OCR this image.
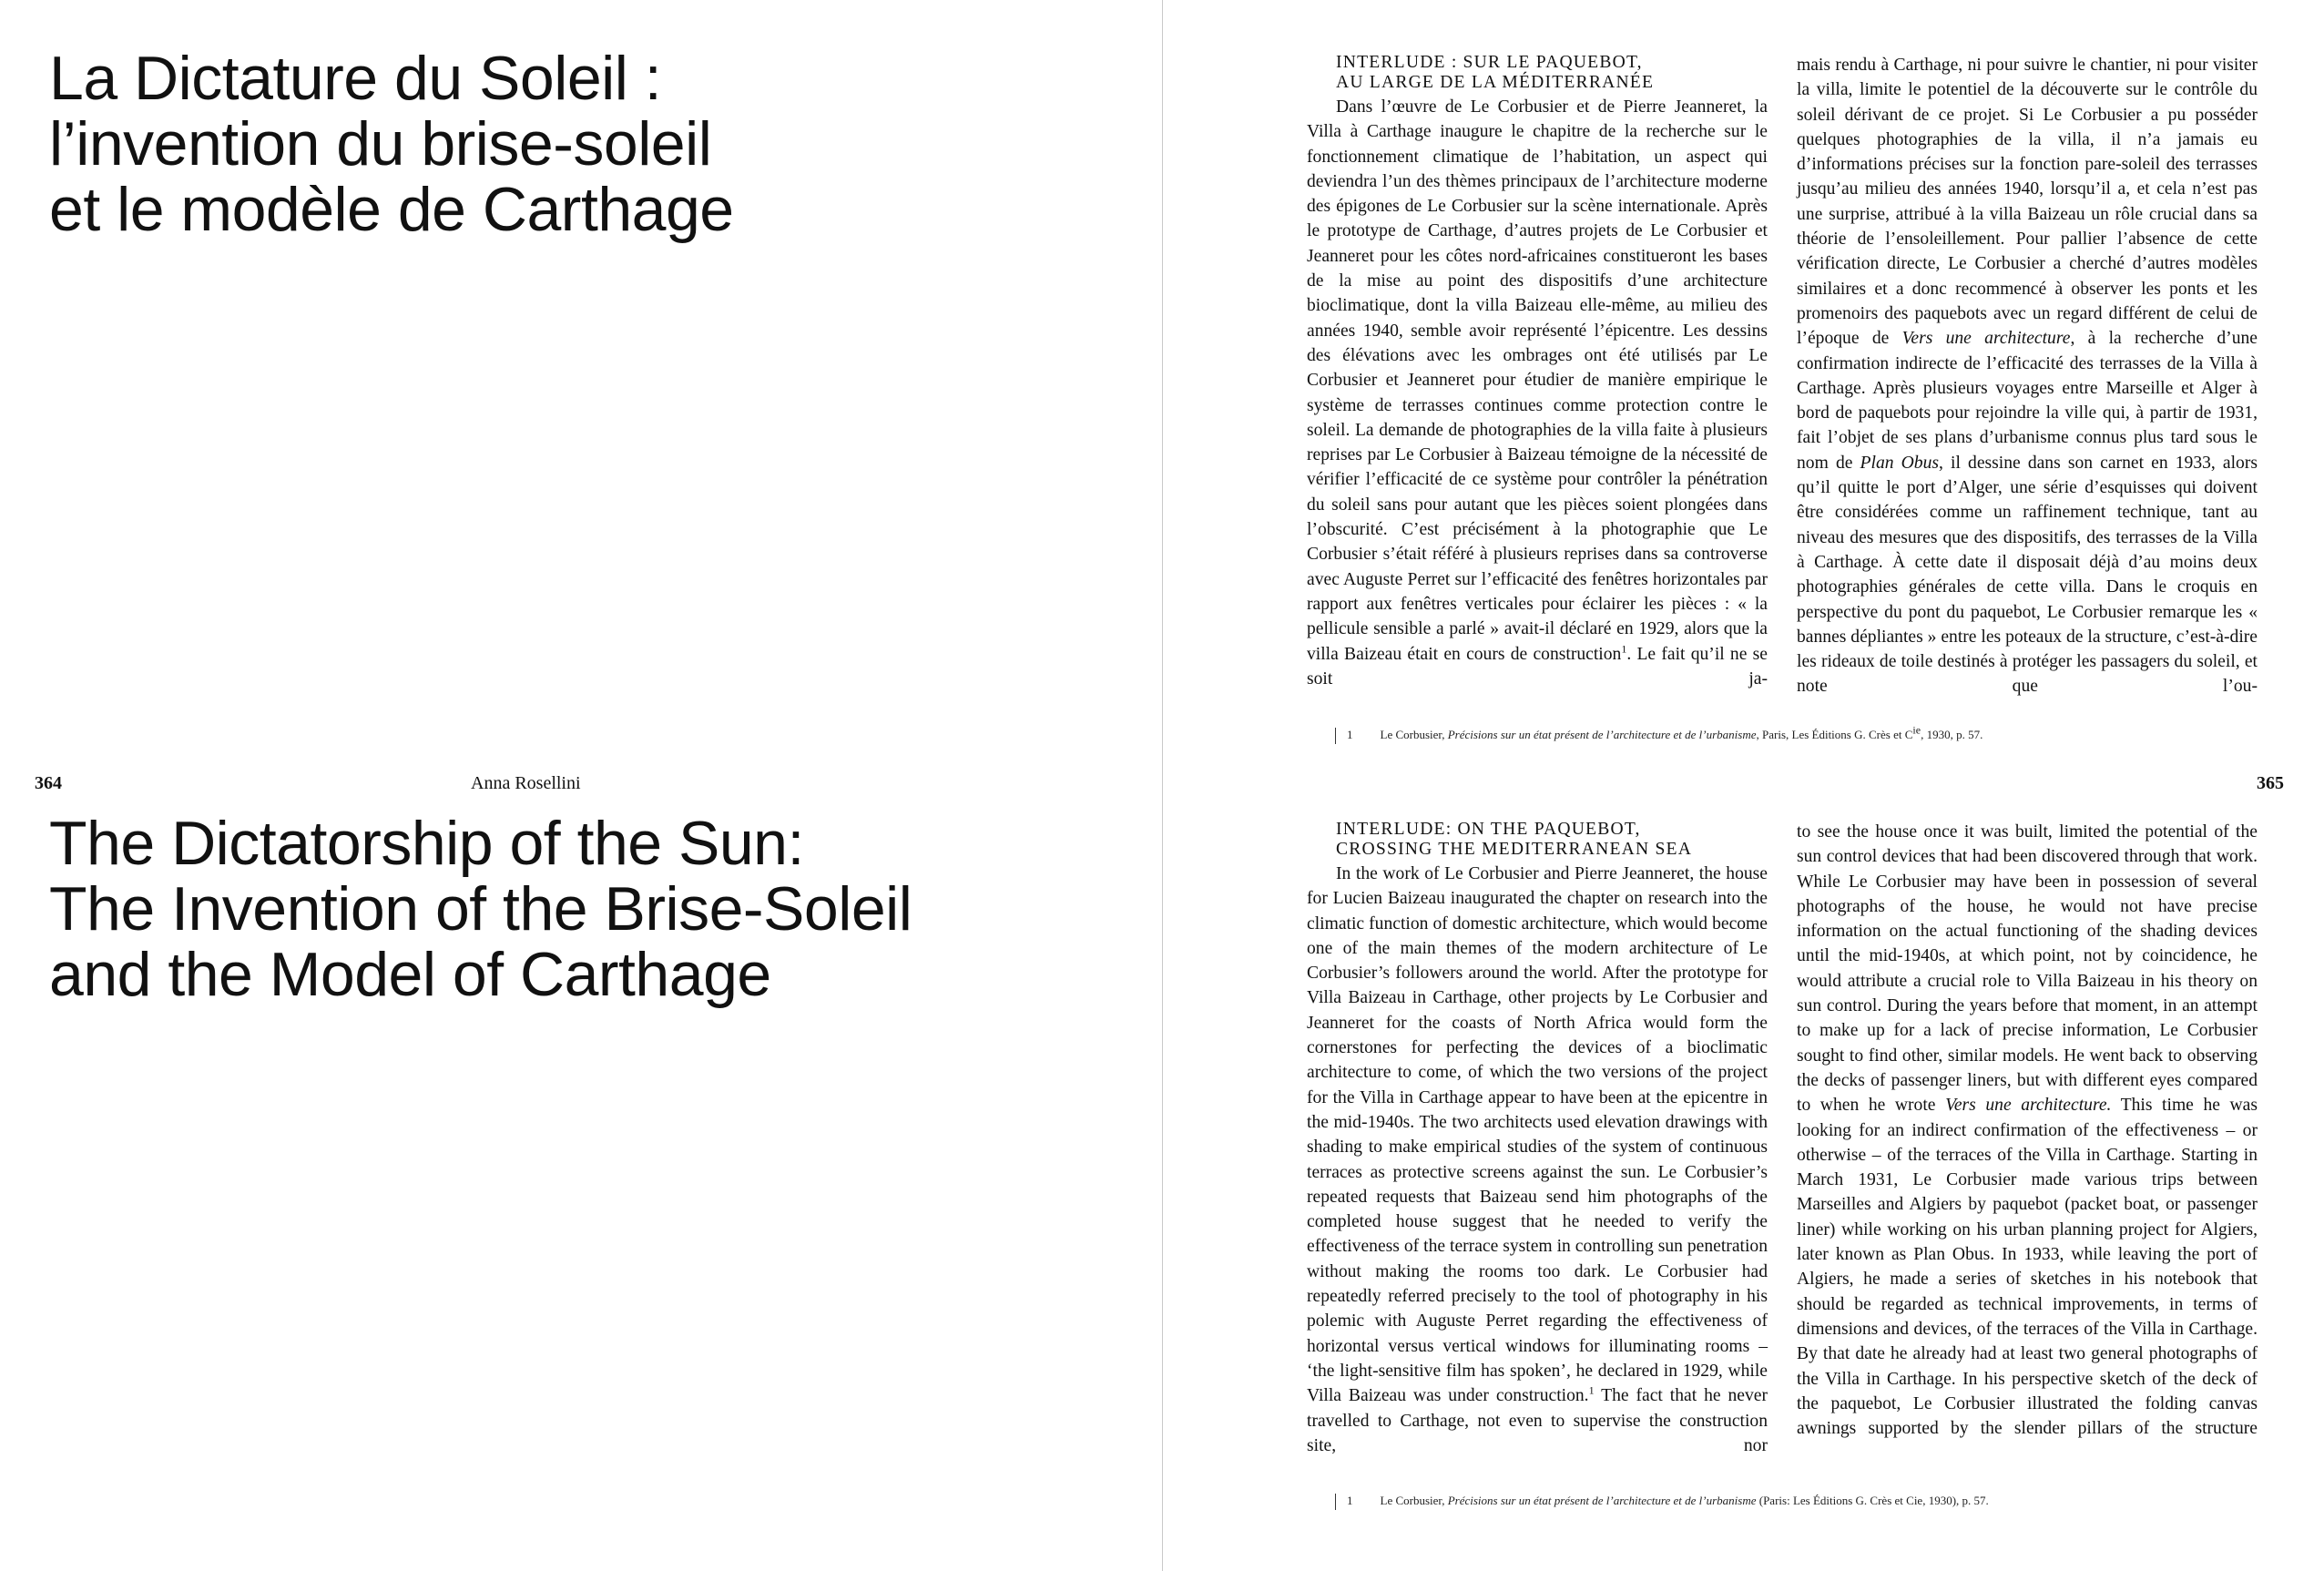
La Dictature du Soleil :
l’invention du brise-soleil
et le modèle de Carthage
364	Anna Rosellini
The Dictatorship of the Sun:
The Invention of the Brise-Soleil
and the Model of Carthage
INTERLUDE : SUR LE PAQUEBOT,
AU LARGE DE LA MÉDITERRANÉE

Dans l’œuvre de Le Corbusier et de Pierre Jeanneret, la Villa à Carthage inaugure le chapitre de la recherche sur le fonctionnement climatique de l’habitation, un aspect qui deviendra l’un des thèmes principaux de l’architecture moderne des épigones de Le Corbusier sur la scène internationale. Après le prototype de Carthage, d’autres projets de Le Corbusier et Jeanneret pour les côtes nord-africaines constitueront les bases de la mise au point des dispositifs d’une architecture bioclimatique, dont la villa Baizeau elle-même, au milieu des années 1940, semble avoir représenté l’épicentre. Les dessins des élévations avec les ombrages ont été utilisés par Le Corbusier et Jeanneret pour étudier de manière empirique le système de terrasses continues comme protection contre le soleil. La demande de photographies de la villa faite à plusieurs reprises par Le Corbusier à Baizeau témoigne de la nécessité de vérifier l’efficacité de ce système pour contrôler la pénétration du soleil sans pour autant que les pièces soient plongées dans l’obscurité. C’est précisément à la photographie que Le Corbusier s’était référé à plusieurs reprises dans sa controverse avec Auguste Perret sur l’efficacité des fenêtres horizontales par rapport aux fenêtres verticales pour éclairer les pièces : « la pellicule sensible a parlé » avait-il déclaré en 1929, alors que la villa Baizeau était en cours de construction$^1$. Le fait qu’il ne se soit ja-

mais rendu à Carthage, ni pour suivre le chantier, ni pour visiter la villa, limite le potentiel de la découverte sur le contrôle du soleil dérivant de ce projet. Si Le Corbusier a pu posséder quelques photographies de la villa, il n’a jamais eu d’informations précises sur la fonction pare-soleil des terrasses jusqu’au milieu des années 1940, lorsqu’il a, et cela n’est pas une surprise, attribué à la villa Baizeau un rôle crucial dans sa théorie de l’ensoleillement. Pour pallier l’absence de cette vérification directe, Le Corbusier a cherché d’autres modèles similaires et a donc recommencé à observer les ponts et les promenoirs des paquebots avec un regard différent de celui de l’époque de Vers une architecture, à la recherche d’une confirmation indirecte de l’efficacité des terrasses de la Villa à Carthage. Après plusieurs voyages entre Marseille et Alger à bord de paquebots pour rejoindre la ville qui, à partir de 1931, fait l’objet de ses plans d’urbanisme connus plus tard sous le nom de Plan Obus, il dessine dans son carnet en 1933, alors qu’il quitte le port d’Alger, une série d’esquisses qui doivent être considérées comme un raffinement technique, tant au niveau des mesures que des dispositifs, des terrasses de la Villa à Carthage. À cette date il disposait déjà d’au moins deux photographies générales de cette villa. Dans le croquis en perspective du pont du paquebot, Le Corbusier remarque les « bannes dépliantes » entre les poteaux de la structure, c’est-à-dire les rideaux de toile destinés à protéger les passagers du soleil, et note que l’ou-

1 Le Corbusier, Précisions sur un état présent de l’architecture et de l’urbanisme, Paris, Les Éditions G. Crès et $C^{ie}$, 1930, p. 57.
365
INTERLUDE: ON THE PAQUEBOT,
CROSSING THE MEDITERRANEAN SEA

In the work of Le Corbusier and Pierre Jeanneret, the house for Lucien Baizeau inaugurated the chapter on research into the climatic function of domestic architecture, which would become one of the main themes of the modern architecture of Le Corbusier’s followers around the world. After the prototype for Villa Baizeau in Carthage, other projects by Le Corbusier and Jeanneret for the coasts of North Africa would form the cornerstones for perfecting the devices of a bioclimatic architecture to come, of which the two versions of the project for the Villa in Carthage appear to have been at the epicentre in the mid-1940s. The two architects used elevation drawings with shading to make empirical studies of the system of continuous terraces as protective screens against the sun. Le Corbusier’s repeated requests that Baizeau send him photographs of the completed house suggest that he needed to verify the effectiveness of the terrace system in controlling sun penetration without making the rooms too dark. Le Corbusier had repeatedly referred precisely to the tool of photography in his polemic with Auguste Perret regarding the effectiveness of horizontal versus vertical windows for illuminating rooms – ‘the light-sensitive film has spoken’, he declared in 1929, while Villa Baizeau was under construction.$^1$ The fact that he never travelled to Carthage, not even to supervise the construction site, nor

to see the house once it was built, limited the potential of the sun control devices that had been discovered through that work. While Le Corbusier may have been in possession of several photographs of the house, he would not have precise information on the actual functioning of the shading devices until the mid-1940s, at which point, not by coincidence, he would attribute a crucial role to Villa Baizeau in his theory on sun control. During the years before that moment, in an attempt to make up for a lack of precise information, Le Corbusier sought to find other, similar models. He went back to observing the decks of passenger liners, but with different eyes compared to when he wrote Vers une architecture. This time he was looking for an indirect confirmation of the effectiveness – or otherwise – of the terraces of the Villa in Carthage. Starting in March 1931, Le Corbusier made various trips between Marseilles and Algiers by paquebot (packet boat, or passenger liner) while working on his urban planning project for Algiers, later known as Plan Obus. In 1933, while leaving the port of Algiers, he made a series of sketches in his notebook that should be regarded as technical improvements, in terms of dimensions and devices, of the terraces of the Villa in Carthage. By that date he already had at least two general photographs of the Villa in Carthage. In his perspective sketch of the deck of the paquebot, Le Corbusier illustrated the folding canvas awnings supported by the slender pillars of the structure

1 Le Corbusier, Précisions sur un état présent de l’architecture et de l’urbanisme (Paris: Les Éditions G. Crès et Cie, 1930), p. 57.
